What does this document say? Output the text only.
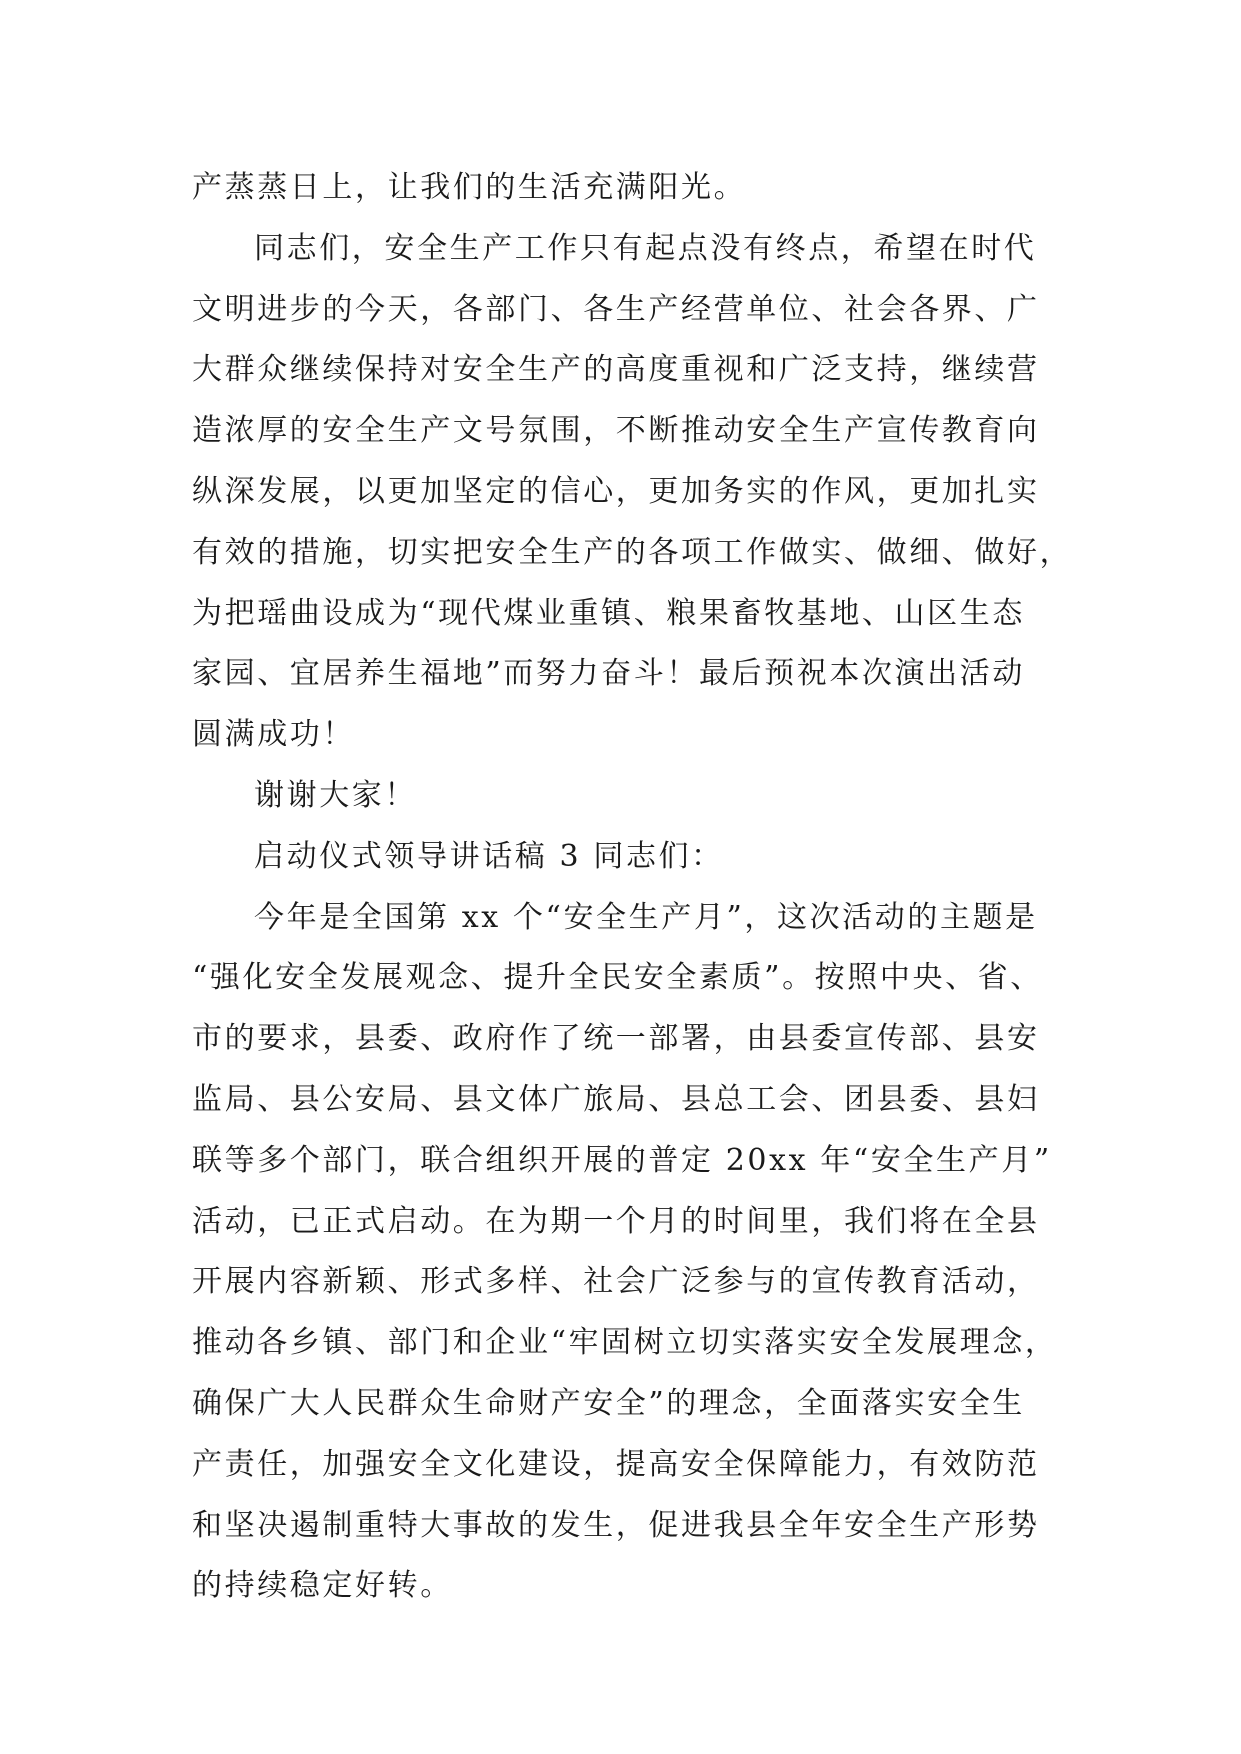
产蒸蒸日上，让我们的生活充满阳光。
同志们，安全生产工作只有起点没有终点，希望在时代
文明进步的今天，各部门、各生产经营单位、社会各界、广
大群众继续保持对安全生产的高度重视和广泛支持，继续营
造浓厚的安全生产文号氛围，不断推动安全生产宣传教育向
纵深发展，以更加坚定的信心，更加务实的作风，更加扎实
有效的措施，切实把安全生产的各项工作做实、做细、做好，
为把瑶曲设成为“现代煤业重镇、粮果畜牧基地、山区生态
家园、宜居养生福地”而努力奋斗！最后预祝本次演出活动
圆满成功！
谢谢大家！
启动仪式领导讲话稿 3 同志们：
今年是全国第 xx 个“安全生产月”，这次活动的主题是
“强化安全发展观念、提升全民安全素质”。按照中央、省、
市的要求，县委、政府作了统一部署，由县委宣传部、县安
监局、县公安局、县文体广旅局、县总工会、团县委、县妇
联等多个部门，联合组织开展的普定 20xx 年“安全生产月”
活动，已正式启动。在为期一个月的时间里，我们将在全县
开展内容新颖、形式多样、社会广泛参与的宣传教育活动，
推动各乡镇、部门和企业“牢固树立切实落实安全发展理念，
确保广大人民群众生命财产安全”的理念，全面落实安全生
产责任，加强安全文化建设，提高安全保障能力，有效防范
和坚决遏制重特大事故的发生，促进我县全年安全生产形势
的持续稳定好转。
